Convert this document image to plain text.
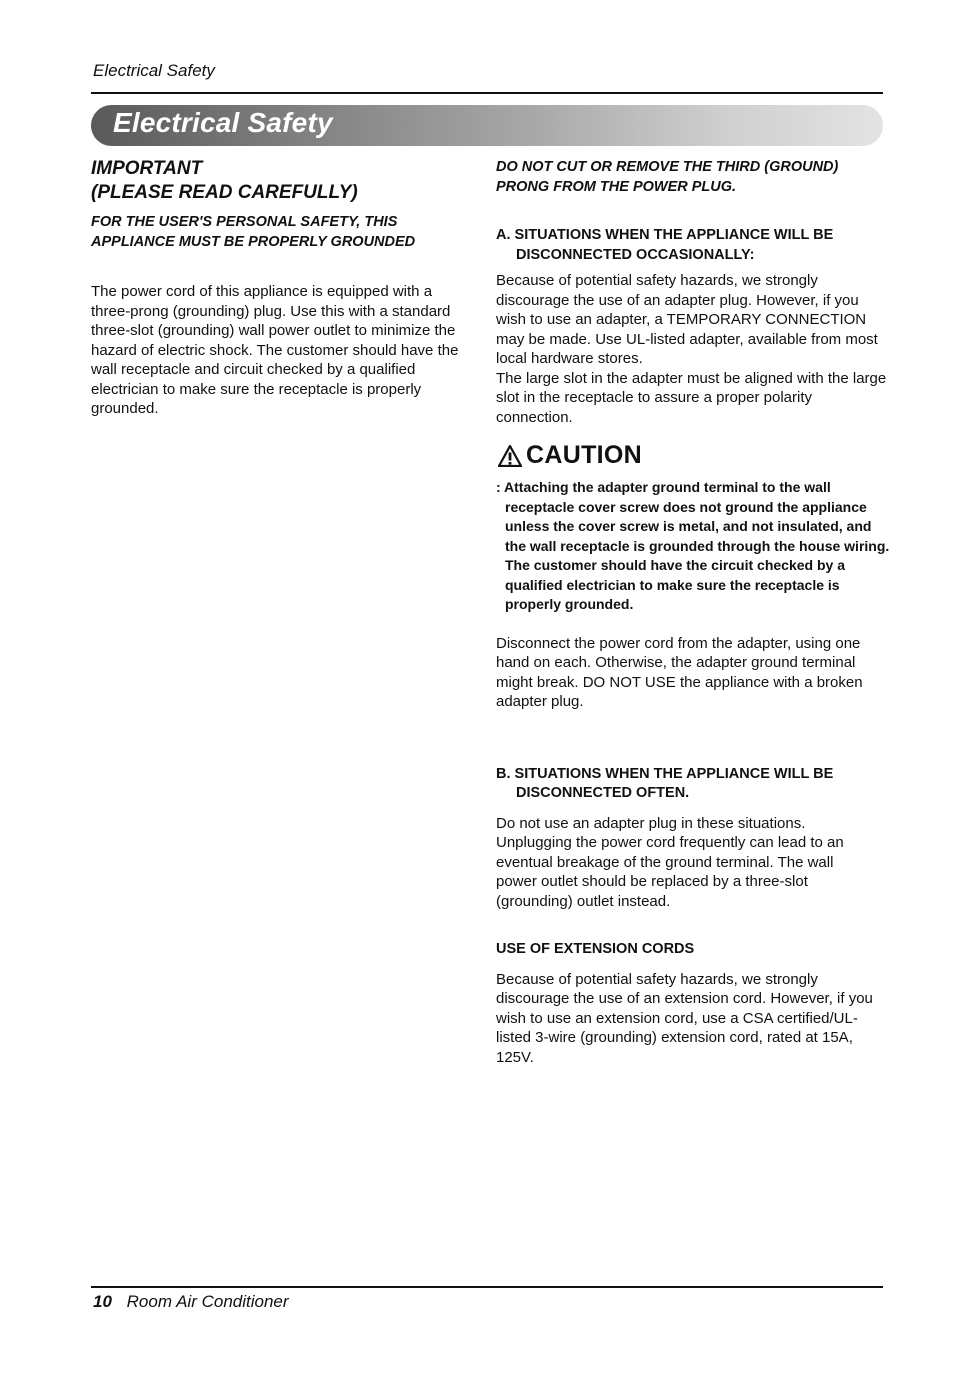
Electrical Safety
Electrical Safety

IMPORTANT

(PLEASE READ CAREFULLY)

FOR THE USER'S PERSONAL SAFETY, THIS APPLIANCE MUST BE PROPERLY GROUNDED

The power cord of this appliance is equipped with a three-prong (grounding) plug. Use this with a standard three-slot (grounding) wall power outlet to minimize the hazard of electric shock. The customer should have the wall receptacle and circuit checked by a qualified electrician to make sure the receptacle is properly grounded.

DO NOT CUT OR REMOVE THE THIRD (GROUND) PRONG FROM THE POWER PLUG.

A. SITUATIONS WHEN THE APPLIANCE WILL BE DISCONNECTED OCCASIONALLY:

Because of potential safety hazards, we strongly discourage the use of an adapter plug. However, if you wish to use an adapter, a TEMPORARY CONNECTION may be made. Use UL-listed adapter, available from most local hardware stores.

The large slot in the adapter must be aligned with the large slot in the receptacle to assure a proper polarity connection.

CAUTION

: Attaching the adapter ground terminal to the wall receptacle cover screw does not ground the appliance unless the cover screw is metal, and not insulated, and the wall receptacle is grounded through the house wiring. The customer should have the circuit checked by a qualified electrician to make sure the receptacle is properly grounded.

Disconnect the power cord from the adapter, using one hand on each. Otherwise, the adapter ground terminal might break. DO NOT USE the appliance with a broken adapter plug.

B. SITUATIONS WHEN THE APPLIANCE WILL BE DISCONNECTED OFTEN.

Do not use an adapter plug in these situations. Unplugging the power cord frequently can lead to an eventual breakage of the ground terminal. The wall power outlet should be replaced by a three-slot (grounding) outlet instead.

USE OF EXTENSION CORDS

Because of potential safety hazards, we strongly discourage the use of an extension cord. However, if you wish to use an extension cord, use a CSA certified/UL-listed 3-wire (grounding) extension cord, rated at 15A, 125V.

10 Room Air Conditioner
